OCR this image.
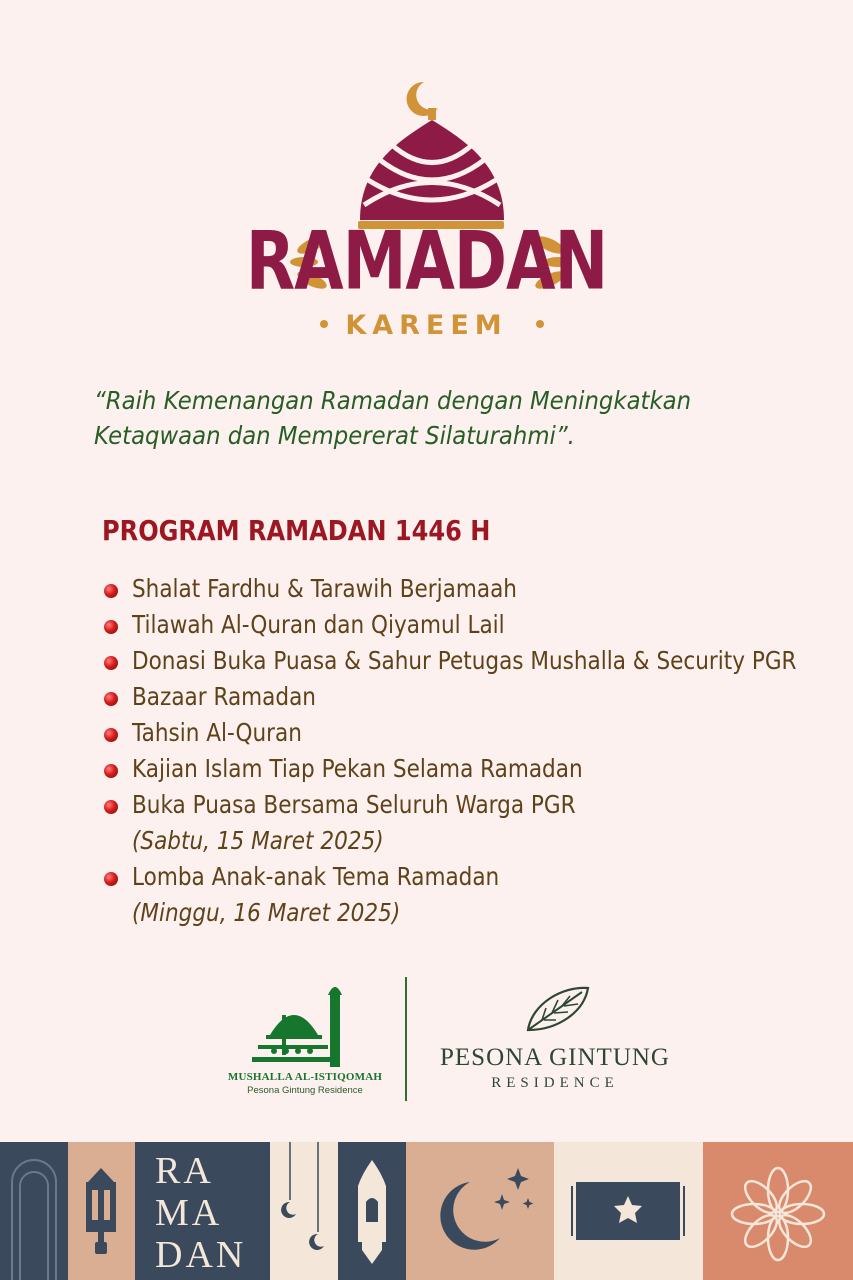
RAMADAN
KAREEM
“Raih Kemenangan Ramadan dengan Meningkatkan Ketaqwaan dan Mempererat Silaturahmi”.
PROGRAM RAMADAN 1446 H
Shalat Fardhu & Tarawih Berjamaah
Tilawah Al-Quran dan Qiyamul Lail
Donasi Buka Puasa & Sahur Petugas Mushalla & Security PGR
Bazaar Ramadan
Tahsin Al-Quran
Kajian Islam Tiap Pekan Selama Ramadan
Buka Puasa Bersama Seluruh Warga PGR
(Sabtu, 15 Maret 2025)
Lomba Anak-anak Tema Ramadan
(Minggu, 16 Maret 2025)
MUSHALLA AL-ISTIQOMAH
Pesona Gintung Residence
PESONA GINTUNG
RESIDENCE
RA
MA
DAN
